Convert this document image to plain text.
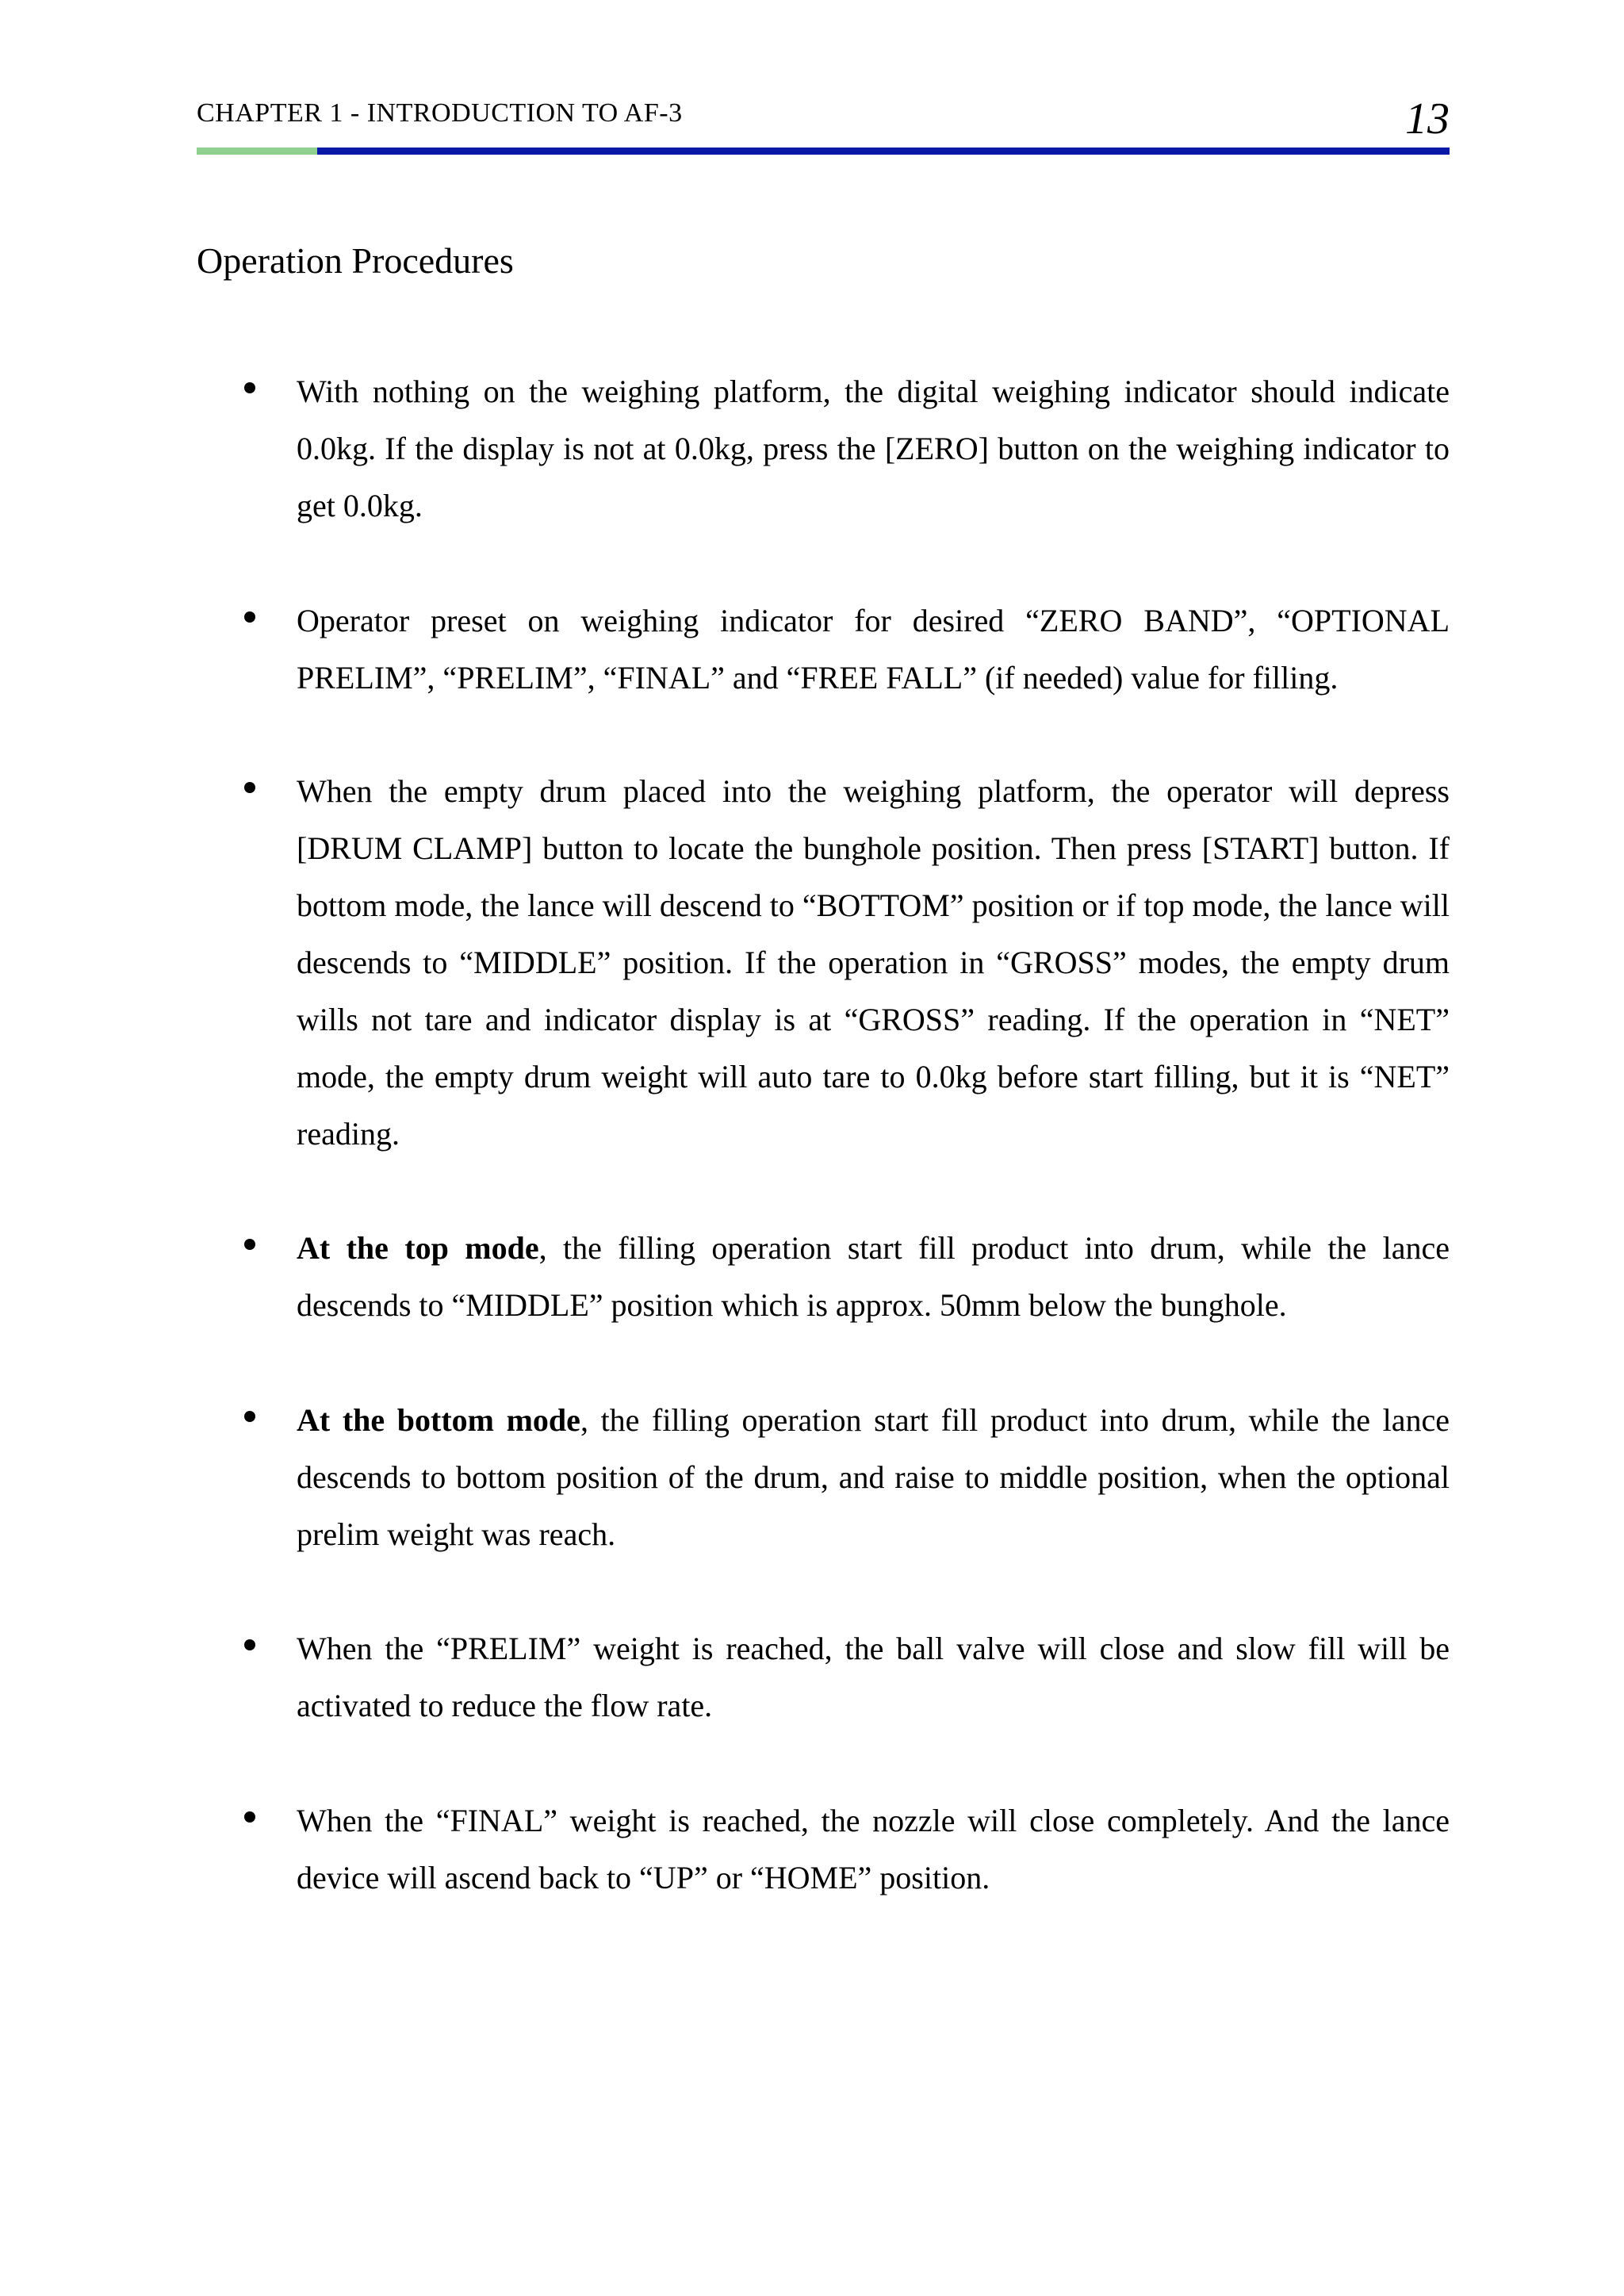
CHAPTER 1 - INTRODUCTION TO AF-3	13
Operation Procedures

With nothing on the weighing platform, the digital weighing indicator should indicate 0.0kg. If the display is not at 0.0kg, press the [ZERO] button on the weighing indicator to get 0.0kg.

Operator preset on weighing indicator for desired “ZERO BAND”, “OPTIONAL PRELIM”, “PRELIM”, “FINAL” and “FREE FALL” (if needed) value for filling.

When the empty drum placed into the weighing platform, the operator will depress [DRUM CLAMP] button to locate the bunghole position. Then press [START] button. If bottom mode, the lance will descend to “BOTTOM” position or if top mode, the lance will descends to “MIDDLE” position. If the operation in “GROSS” modes, the empty drum wills not tare and indicator display is at “GROSS” reading. If the operation in “NET” mode, the empty drum weight will auto tare to 0.0kg before start filling, but it is “NET” reading.

At the top mode, the filling operation start fill product into drum, while the lance descends to “MIDDLE” position which is approx. 50mm below the bunghole.

At the bottom mode, the filling operation start fill product into drum, while the lance descends to bottom position of the drum, and raise to middle position, when the optional prelim weight was reach.

When the “PRELIM” weight is reached, the ball valve will close and slow fill will be activated to reduce the flow rate.

When the “FINAL” weight is reached, the nozzle will close completely. And the lance device will ascend back to “UP” or “HOME” position.
